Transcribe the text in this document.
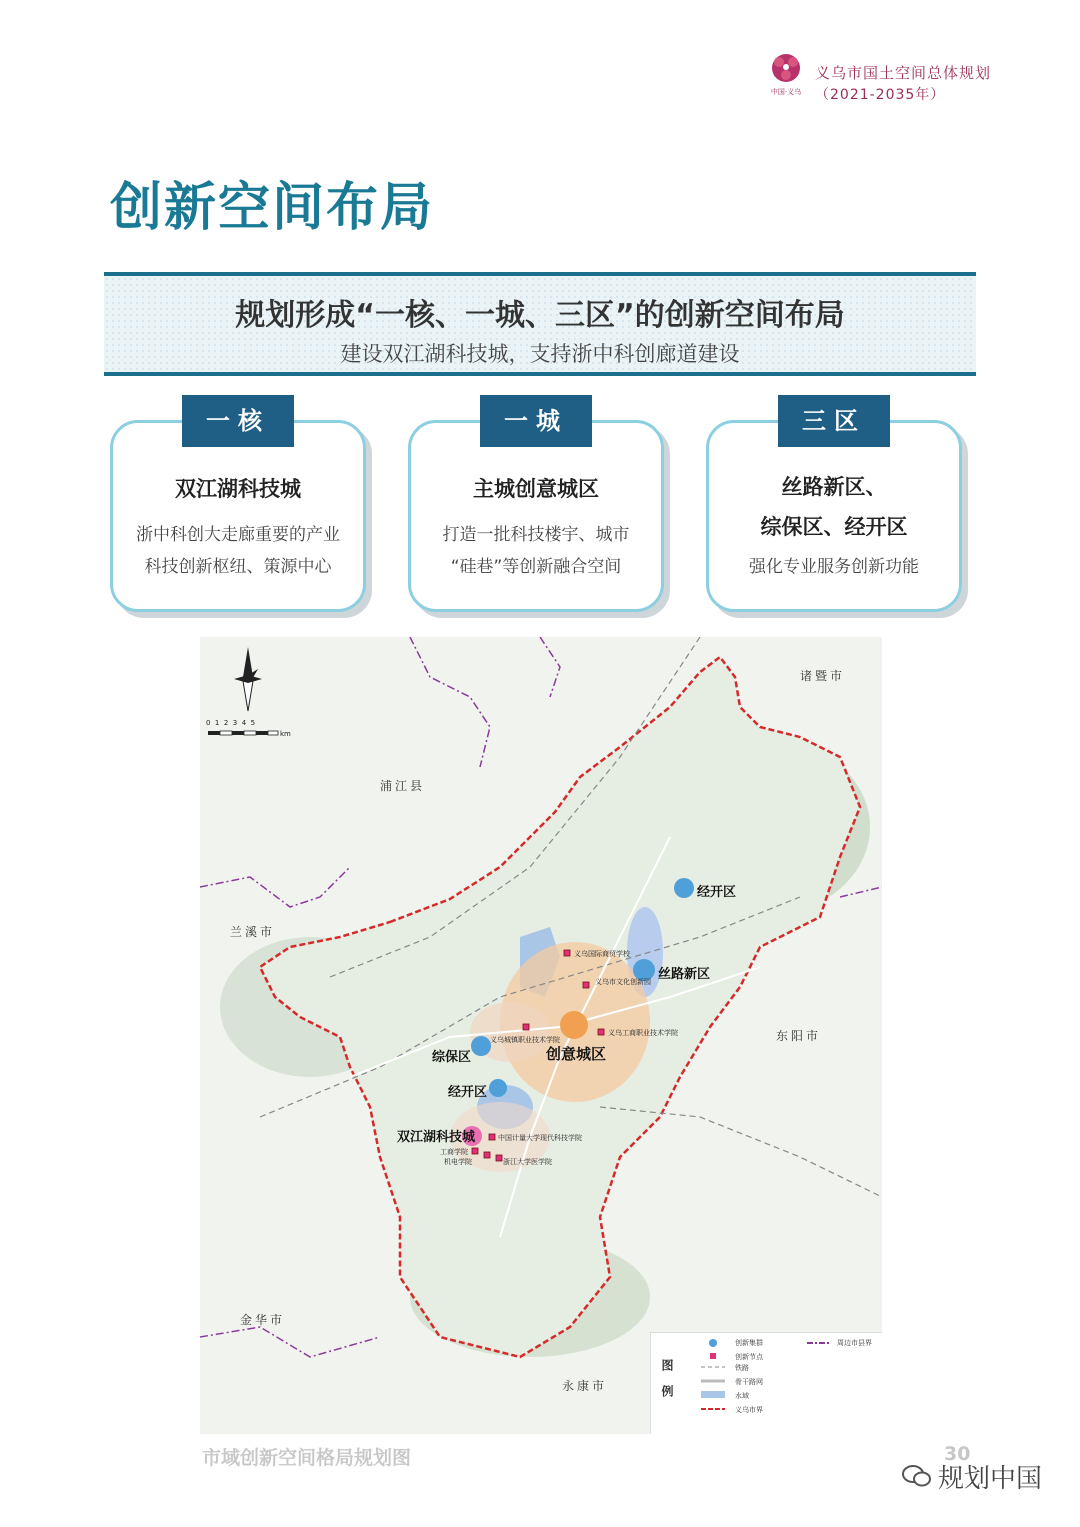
中国·义乌
义乌市国土空间总体规划
（2021-2035年）
创新空间布局
规划形成“一核、一城、三区”的创新空间布局
建设双江湖科技城，支持浙中科创廊道建设
一核
双江湖科技城
浙中科创大走廊重要的产业
科技创新枢纽、策源中心
一城
主城创意城区
打造一批科技楼宇、城市
“硅巷”等创新融合空间
三区
丝路新区、
综保区、经开区
强化专业服务创新功能
0 1 2 3 4 5
km
诸暨市
浦江县
兰溪市
东阳市
金华市
永康市
经开区
丝路新区
综保区	创意城区
经开区
双江湖科技城
义乌国际商贸学校
义乌市文化创新园
义乌工商职业技术学院
中国计量大学现代科技学院
义乌城镇职业技术学院
工商学院
机电学院	浙江大学医学院
图例
创新集群
创新节点
铁路
骨干路网
水域
义乌市界
周边市县界
市域创新空间格局规划图	30
规划中国
